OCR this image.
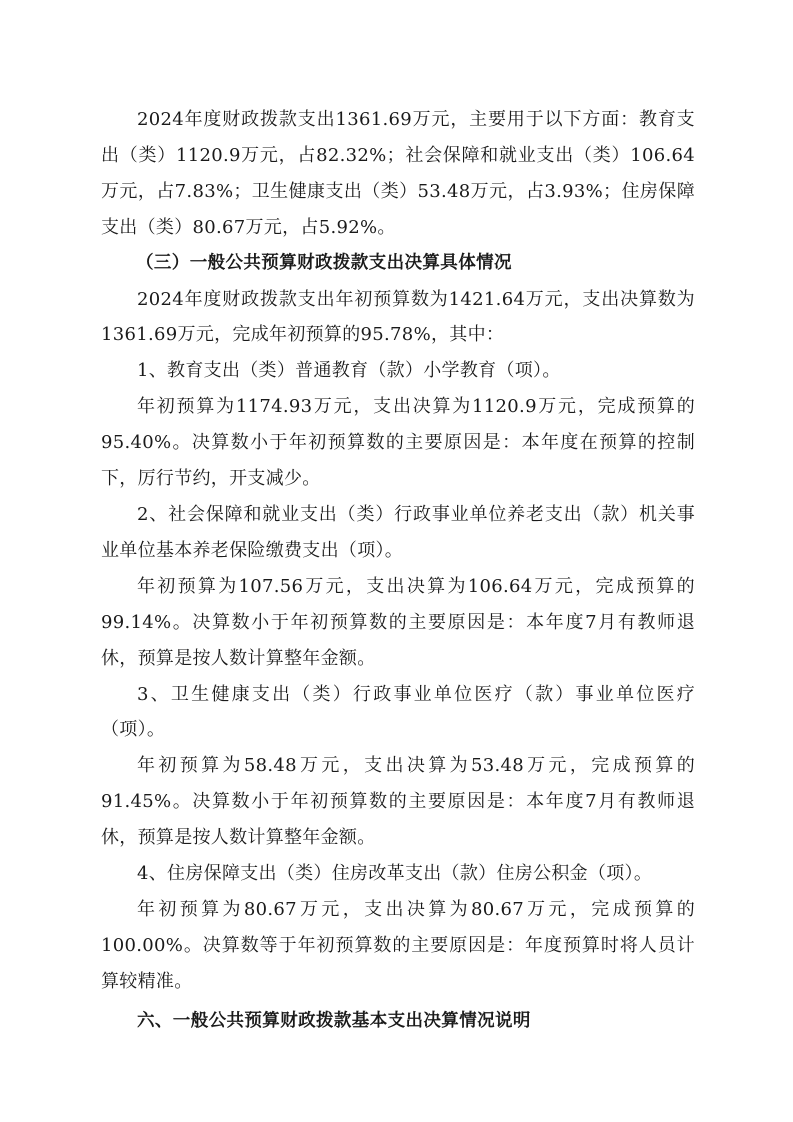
2024年度财政拨款支出1361.69万元，主要用于以下方面：教育支出（类）1120.9万元，占82.32%；社会保障和就业支出（类）106.64万元，占7.83%；卫生健康支出（类）53.48万元，占3.93%；住房保障支出（类）80.67万元，占5.92%。

（三）一般公共预算财政拨款支出决算具体情况

2024年度财政拨款支出年初预算数为1421.64万元，支出决算数为1361.69万元，完成年初预算的95.78%，其中：

1、教育支出（类）普通教育（款）小学教育（项）。

年初预算为1174.93万元，支出决算为1120.9万元，完成预算的95.40%。决算数小于年初预算数的主要原因是：本年度在预算的控制下，厉行节约，开支减少。

2、社会保障和就业支出（类）行政事业单位养老支出（款）机关事业单位基本养老保险缴费支出（项）。

年初预算为107.56万元，支出决算为106.64万元，完成预算的99.14%。决算数小于年初预算数的主要原因是：本年度7月有教师退休，预算是按人数计算整年金额。

3、卫生健康支出（类）行政事业单位医疗（款）事业单位医疗（项）。

年初预算为58.48万元，支出决算为53.48万元，完成预算的91.45%。决算数小于年初预算数的主要原因是：本年度7月有教师退休，预算是按人数计算整年金额。

4、住房保障支出（类）住房改革支出（款）住房公积金（项）。

年初预算为80.67万元，支出决算为80.67万元，完成预算的100.00%。决算数等于年初预算数的主要原因是：年度预算时将人员计算较精准。

六、一般公共预算财政拨款基本支出决算情况说明
